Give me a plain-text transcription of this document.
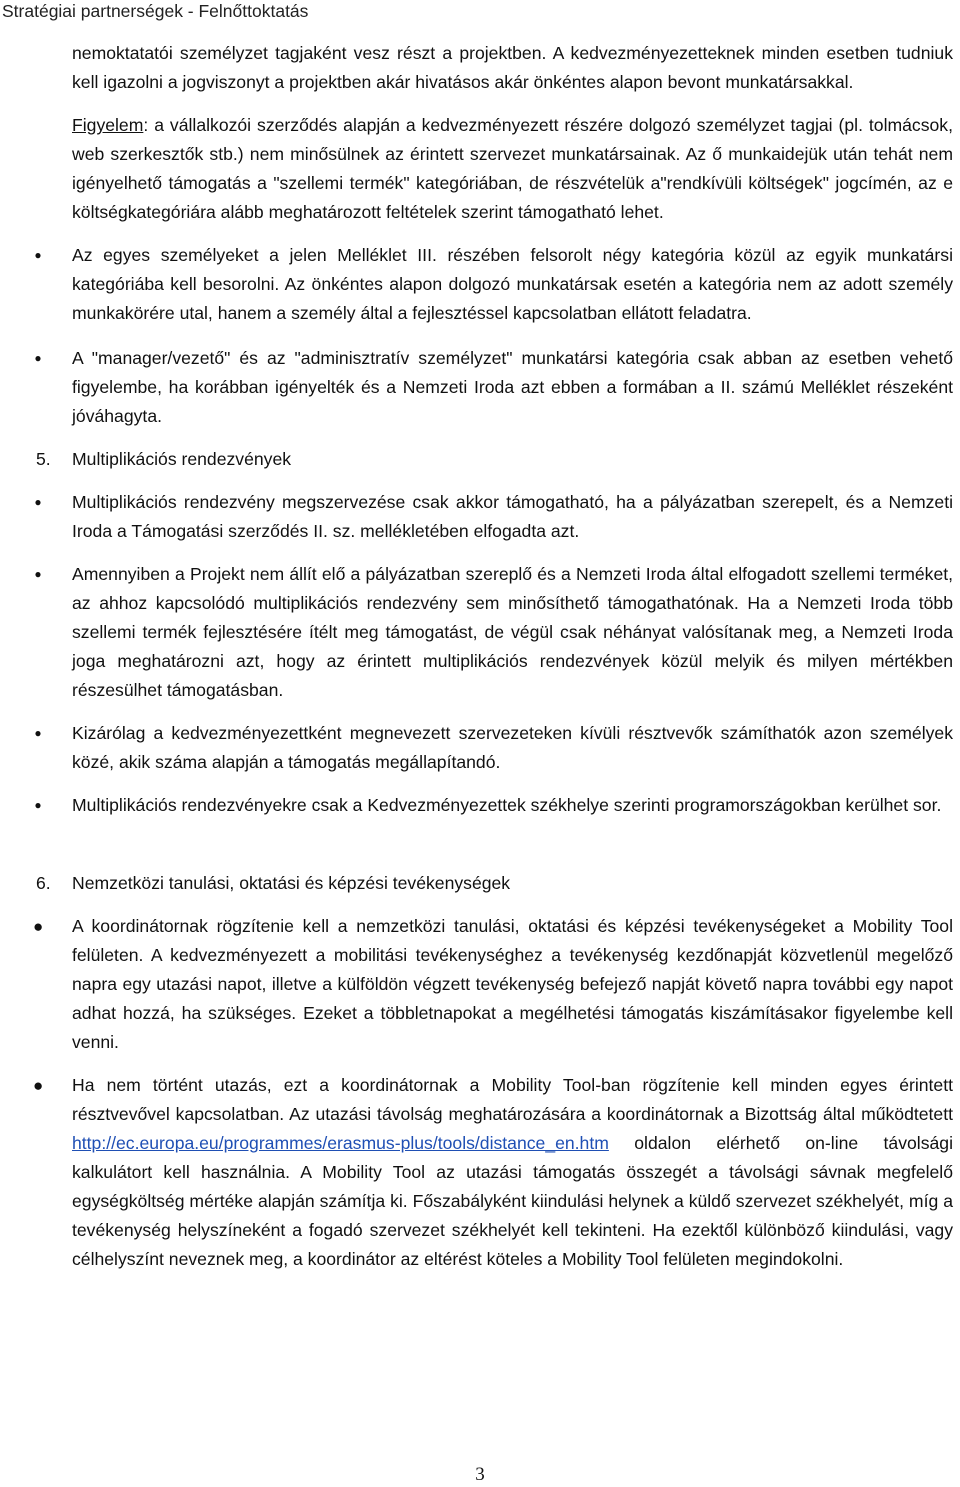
Stratégiai partnerségek - Felnőttoktatás

nemoktatatói személyzet tagjaként vesz részt a projektben. A kedvezményezetteknek minden esetben tudniuk kell igazolni a jogviszonyt a projektben akár hivatásos akár önkéntes alapon bevont munkatársakkal.

Figyelem: a vállalkozói szerződés alapján a kedvezményezett részére dolgozó személyzet tagjai (pl. tolmácsok, web szerkesztők stb.) nem minősülnek az érintett szervezet munkatársainak. Az ő munkaidejük után tehát nem igényelhető támogatás a "szellemi termék" kategóriában, de részvételük a"rendkívüli költségek" jogcímén, az e költségkategóriára alább meghatározott feltételek szerint támogatható lehet.

● Az egyes személyeket a jelen Melléklet III. részében felsorolt négy kategória közül az egyik munkatársi kategóriába kell besorolni. Az önkéntes alapon dolgozó munkatársak esetén a kategória nem az adott személy munkakörére utal, hanem a személy által a fejlesztéssel kapcsolatban ellátott feladatra.

● A "manager/vezető" és az "adminisztratív személyzet" munkatársi kategória csak abban az esetben vehető figyelembe, ha korábban igényelték és a Nemzeti Iroda azt ebben a formában a II. számú Melléklet részeként jóváhagyta.

5. Multiplikációs rendezvények

● Multiplikációs rendezvény megszervezése csak akkor támogatható, ha a pályázatban szerepelt, és a Nemzeti Iroda a Támogatási szerződés II. sz. mellékletében elfogadta azt.

● Amennyiben a Projekt nem állít elő a pályázatban szereplő és a Nemzeti Iroda által elfogadott szellemi terméket, az ahhoz kapcsolódó multiplikációs rendezvény sem minősíthető támogathatónak. Ha a Nemzeti Iroda több szellemi termék fejlesztésére ítélt meg támogatást, de végül csak néhányat valósítanak meg, a Nemzeti Iroda joga meghatározni azt, hogy az érintett multiplikációs rendezvények közül melyik és milyen mértékben részesülhet támogatásban.

● Kizárólag a kedvezményezettként megnevezett szervezeteken kívüli résztvevők számíthatók azon személyek közé, akik száma alapján a támogatás megállapítandó.

● Multiplikációs rendezvényekre csak a Kedvezményezettek székhelye szerinti programországokban kerülhet sor.

6. Nemzetközi tanulási, oktatási és képzési tevékenységek

● A koordinátornak rögzítenie kell a nemzetközi tanulási, oktatási és képzési tevékenységeket a Mobility Tool felületen. A kedvezményezett a mobilitási tevékenységhez a tevékenység kezdőnapját közvetlenül megelőző napra egy utazási napot, illetve a külföldön végzett tevékenység befejező napját követő napra további egy napot adhat hozzá, ha szükséges. Ezeket a többletnapokat a megélhetési támogatás kiszámításakor figyelembe kell venni.

● Ha nem történt utazás, ezt a koordinátornak a Mobility Tool-ban rögzítenie kell minden egyes érintett résztvevővel kapcsolatban. Az utazási távolság meghatározására a koordinátornak a Bizottság által működtetett http://ec.europa.eu/programmes/erasmus-plus/tools/distance_en.htm oldalon elérhető on-line távolsági kalkulátort kell használnia. A Mobility Tool az utazási támogatás összegét a távolsági sávnak megfelelő egységköltség mértéke alapján számítja ki. Főszabályként kiindulási helynek a küldő szervezet székhelyét, míg a tevékenység helyszíneként a fogadó szervezet székhelyét kell tekinteni. Ha ezektől különböző kiindulási, vagy célhelyszínt neveznek meg, a koordinátor az eltérést köteles a Mobility Tool felületen megindokolni.

3
